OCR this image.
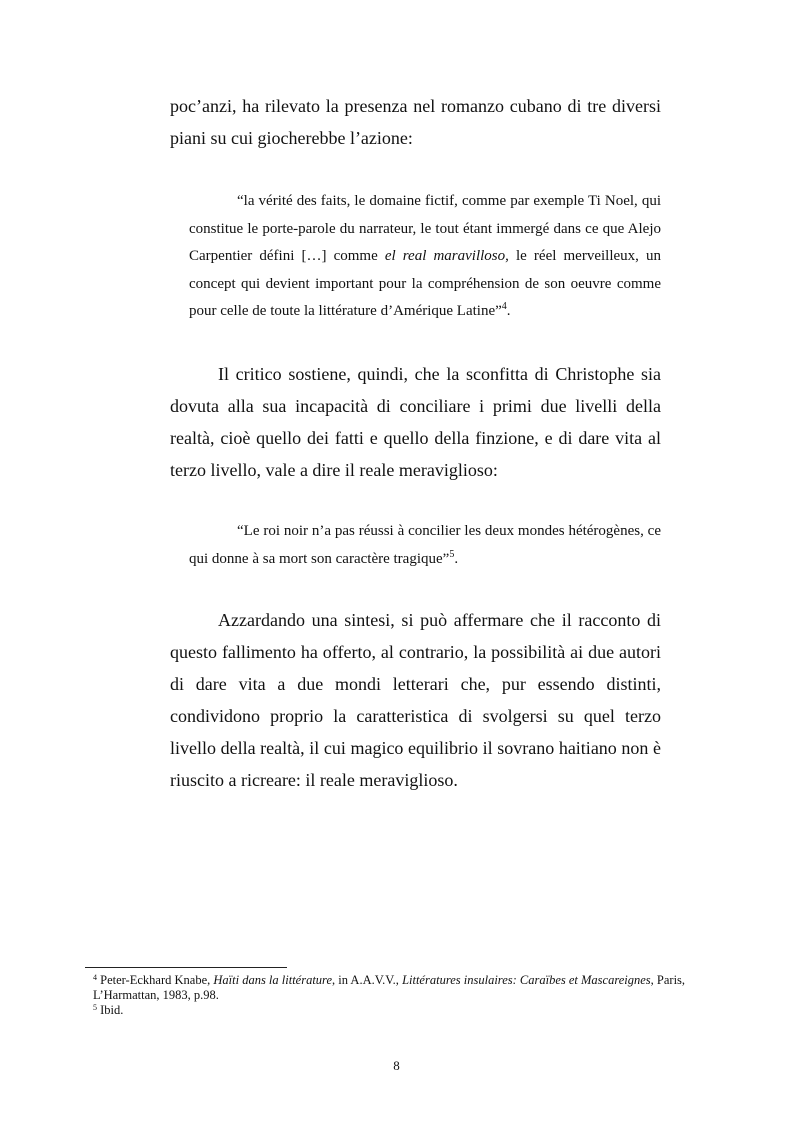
poc’anzi, ha rilevato la presenza nel romanzo cubano di tre diversi piani su cui giocherebbe l’azione:

“la vérité des faits, le domaine fictif, comme par exemple Ti Noel, qui constitue le porte-parole du narrateur, le tout étant immergé dans ce que Alejo Carpentier défini […] comme el real maravilloso, le réel merveilleux, un concept qui devient important pour la compréhension de son oeuvre comme pour celle de toute la littérature d’Amérique Latine”$^4$.

Il critico sostiene, quindi, che la sconfitta di Christophe sia dovuta alla sua incapacità di conciliare i primi due livelli della realtà, cioè quello dei fatti e quello della finzione, e di dare vita al terzo livello, vale a dire il reale meraviglioso:

“Le roi noir n’a pas réussi à concilier les deux mondes hétérogènes, ce qui donne à sa mort son caractère tragique”$^5$.

Azzardando una sintesi, si può affermare che il racconto di questo fallimento ha offerto, al contrario, la possibilità ai due autori di dare vita a due mondi letterari che, pur essendo distinti, condividono proprio la caratteristica di svolgersi su quel terzo livello della realtà, il cui magico equilibrio il sovrano haitiano non è riuscito a ricreare: il reale meraviglioso.

$^4$ Peter-Eckhard Knabe, Haïti dans la littérature, in A.A.V.V., Littératures insulaires: Caraïbes et Mascareignes, Paris, L’Harmattan, 1983, p.98.

$^5$ Ibid.

8
